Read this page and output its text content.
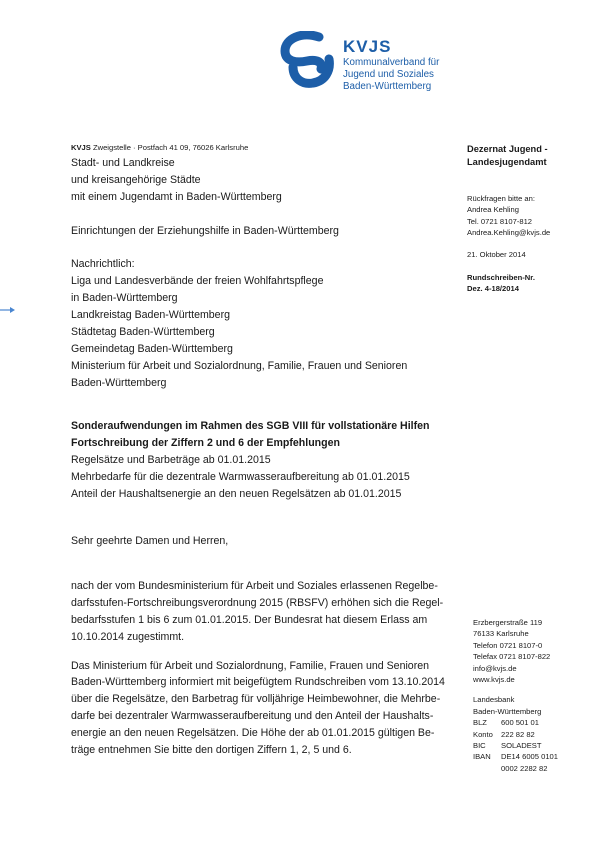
KVJS
Kommunalverband für
Jugend und Soziales
Baden-Württemberg
KVJS Zweigstelle · Postfach 41 09, 76026 Karlsruhe
Stadt- und Landkreise
und kreisangehörige Städte
mit einem Jugendamt in Baden-Württemberg

Einrichtungen der Erziehungshilfe in Baden-Württemberg

Nachrichtlich:
Liga und Landesverbände der freien Wohlfahrtspflege
in Baden-Württemberg
Landkreistag Baden-Württemberg
Städtetag Baden-Württemberg
Gemeindetag Baden-Württemberg
Ministerium für Arbeit und Sozialordnung, Familie, Frauen und Senioren
Baden-Württemberg
Dezernat Jugend -
Landesjugendamt
Rückfragen bitte an:
Andrea Kehling
Tel. 0721 8107-812
Andrea.Kehling@kvjs.de
21. Oktober 2014
Rundschreiben-Nr.
Dez. 4-18/2014
Sonderaufwendungen im Rahmen des SGB VIII für vollstationäre Hilfen
Fortschreibung der Ziffern 2 und 6 der Empfehlungen
Regelsätze und Barbeträge ab 01.01.2015
Mehrbedarfe für die dezentrale Warmwasseraufbereitung ab 01.01.2015
Anteil der Haushaltsenergie an den neuen Regelsätzen ab 01.01.2015

Sehr geehrte Damen und Herren,

nach der vom Bundesministerium für Arbeit und Soziales erlassenen Regelbe-
darfsstufen-Fortschreibungsverordnung 2015 (RBSFV) erhöhen sich die Regel-
bedarfsstufen 1 bis 6 zum 01.01.2015. Der Bundesrat hat diesem Erlass am
10.10.2014 zugestimmt.
Das Ministerium für Arbeit und Sozialordnung, Familie, Frauen und Senioren
Baden-Württemberg informiert mit beigefügtem Rundschreiben vom 13.10.2014
über die Regelsätze, den Barbetrag für volljährige Heimbewohner, die Mehrbe-
darfe bei dezentraler Warmwasseraufbereitung und den Anteil der Haushalts-
energie an den neuen Regelsätzen. Die Höhe der ab 01.01.2015 gültigen Be-
träge entnehmen Sie bitte den dortigen Ziffern 1, 2, 5 und 6.
Erzbergerstraße 119
76133 Karlsruhe
Telefon 0721 8107-0
Telefax 0721 8107-822
info@kvjs.de
www.kvjs.de
Landesbank
Baden-Württemberg
BLZ	600 501 01
Konto	222 82 82
BIC	SOLADEST
IBAN	DE14 6005 0101
0002 2282 82
